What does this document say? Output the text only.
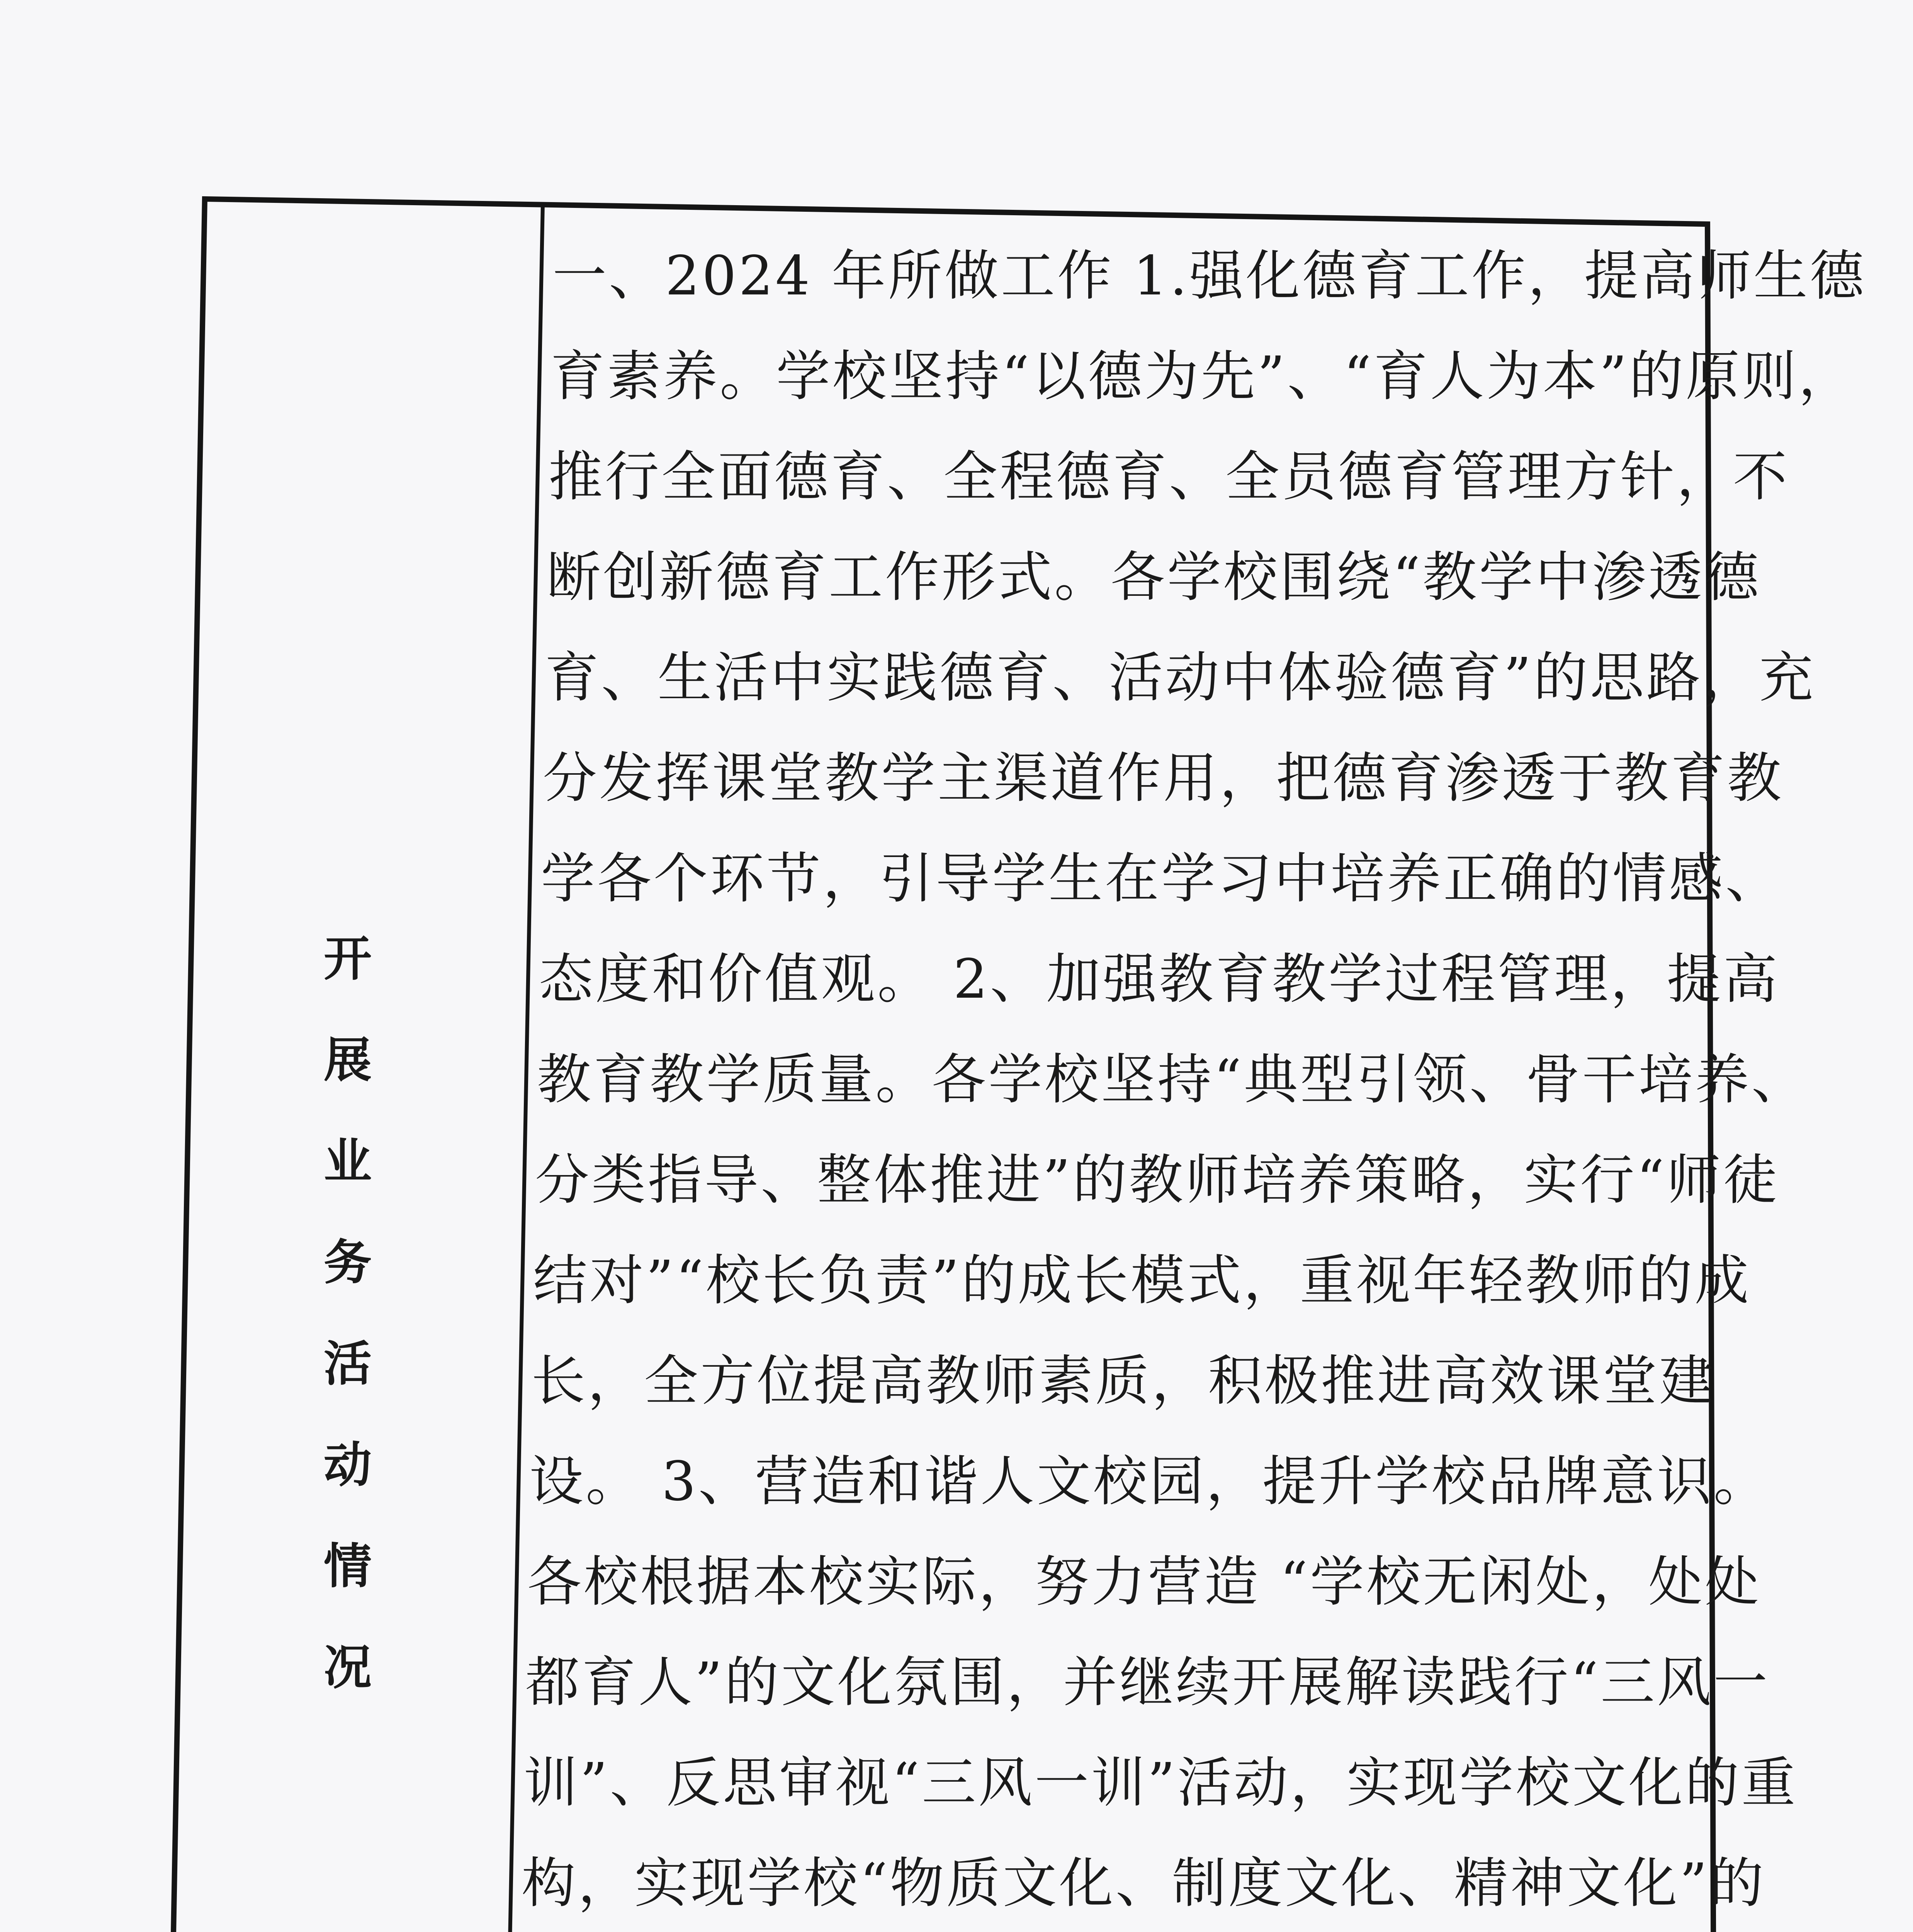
开
展
业
务
活
动
情
况
一、2024 年所做工作 1.强化德育工作，提高师生德
育素养。学校坚持“以德为先”、“育人为本”的原则，
推行全面德育、全程德育、全员德育管理方针，不
断创新德育工作形式。各学校围绕“教学中渗透德
育、生活中实践德育、活动中体验德育”的思路，充
分发挥课堂教学主渠道作用，把德育渗透于教育教
学各个环节，引导学生在学习中培养正确的情感、
态度和价值观。 2、加强教育教学过程管理，提高
教育教学质量。各学校坚持“典型引领、骨干培养、
分类指导、整体推进”的教师培养策略，实行“师徒
结对”“校长负责”的成长模式，重视年轻教师的成
长，全方位提高教师素质，积极推进高效课堂建
设。 3、营造和谐人文校园，提升学校品牌意识。
各校根据本校实际，努力营造 “学校无闲处，处处
都育人”的文化氛围，并继续开展解读践行“三风一
训”、反思审视“三风一训”活动，实现学校文化的重
构，实现学校“物质文化、制度文化、精神文化”的
